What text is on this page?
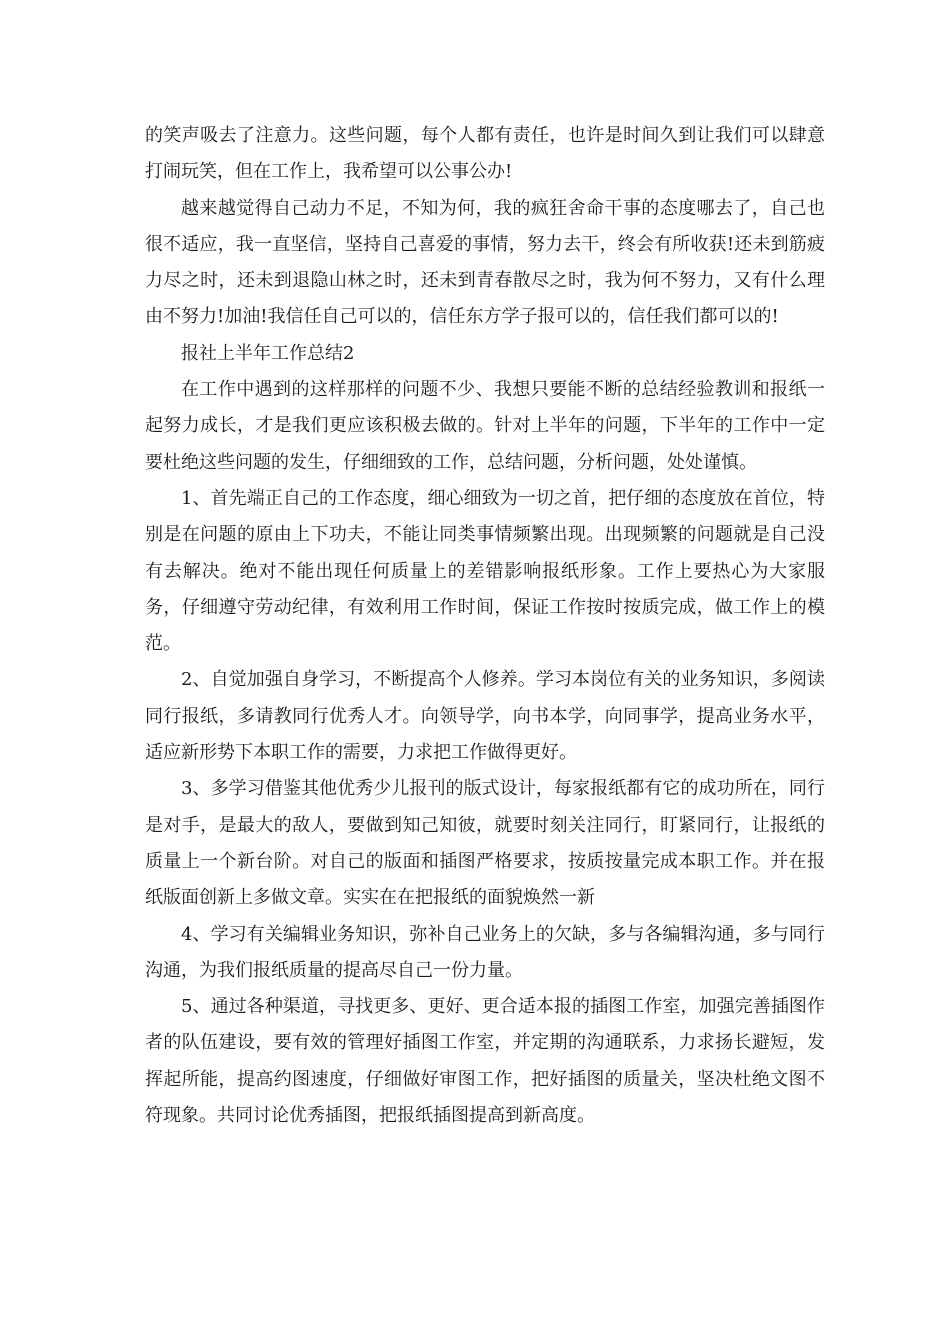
的笑声吸去了注意力。这些问题，每个人都有责任，也许是时间久到让我们可以肆意打闹玩笑，但在工作上，我希望可以公事公办!

越来越觉得自己动力不足，不知为何，我的疯狂舍命干事的态度哪去了，自己也很不适应，我一直坚信，坚持自己喜爱的事情，努力去干，终会有所收获!还未到筋疲力尽之时，还未到退隐山林之时，还未到青春散尽之时，我为何不努力，又有什么理由不努力!加油!我信任自己可以的，信任东方学子报可以的，信任我们都可以的!

报社上半年工作总结2

在工作中遇到的这样那样的问题不少、我想只要能不断的总结经验教训和报纸一起努力成长，才是我们更应该积极去做的。针对上半年的问题，下半年的工作中一定要杜绝这些问题的发生，仔细细致的工作，总结问题，分析问题，处处谨慎。

1、首先端正自己的工作态度，细心细致为一切之首，把仔细的态度放在首位，特别是在问题的原由上下功夫，不能让同类事情频繁出现。出现频繁的问题就是自己没有去解决。绝对不能出现任何质量上的差错影响报纸形象。工作上要热心为大家服务，仔细遵守劳动纪律，有效利用工作时间，保证工作按时按质完成，做工作上的模范。

2、自觉加强自身学习，不断提高个人修养。学习本岗位有关的业务知识，多阅读同行报纸，多请教同行优秀人才。向领导学，向书本学，向同事学，提高业务水平，适应新形势下本职工作的需要，力求把工作做得更好。

3、多学习借鉴其他优秀少儿报刊的版式设计，每家报纸都有它的成功所在，同行是对手，是最大的敌人，要做到知己知彼，就要时刻关注同行，盯紧同行，让报纸的质量上一个新台阶。对自己的版面和插图严格要求，按质按量完成本职工作。并在报纸版面创新上多做文章。实实在在把报纸的面貌焕然一新

4、学习有关编辑业务知识，弥补自己业务上的欠缺，多与各编辑沟通，多与同行沟通，为我们报纸质量的提高尽自己一份力量。

5、通过各种渠道，寻找更多、更好、更合适本报的插图工作室，加强完善插图作者的队伍建设，要有效的管理好插图工作室，并定期的沟通联系，力求扬长避短，发挥起所能，提高约图速度，仔细做好审图工作，把好插图的质量关，坚决杜绝文图不符现象。共同讨论优秀插图，把报纸插图提高到新高度。
